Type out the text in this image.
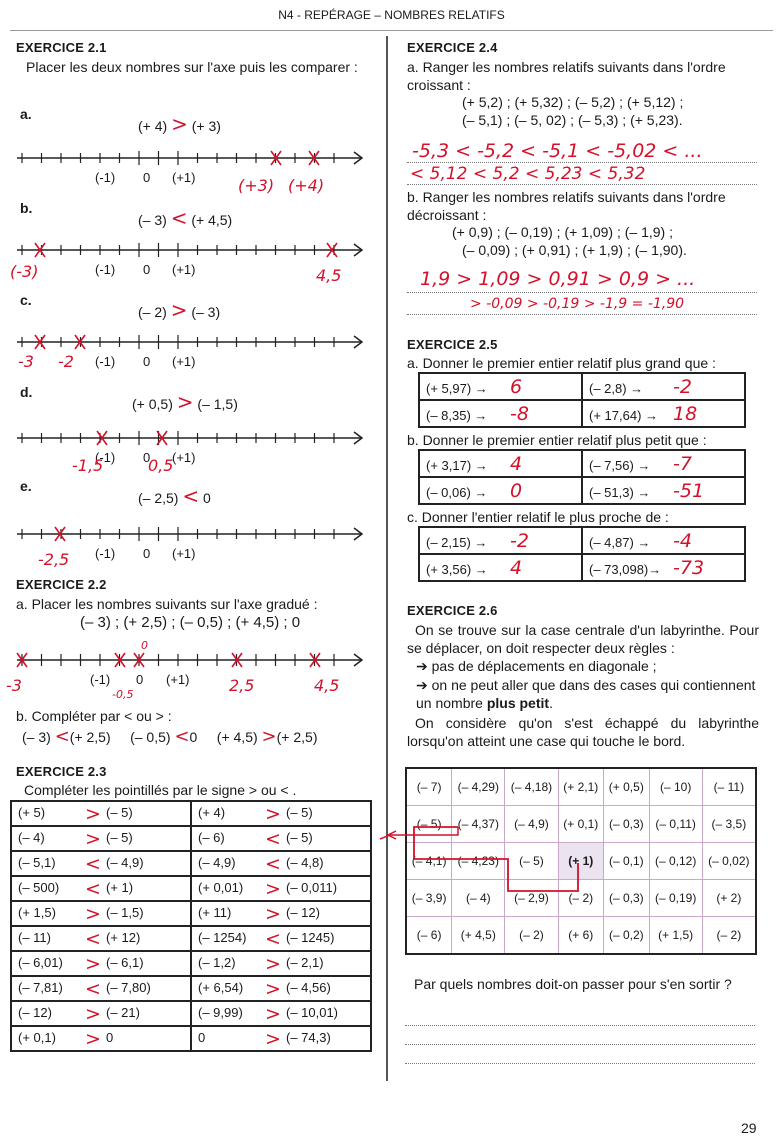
N4 - REPÉRAGE – NOMBRES RELATIFS
EXERCICE 2.1
Placer les deux nombres sur l'axe puis les comparer :
a.
(+ 4) > (+ 3)
(-1) 0 (+1)	(+3) (+4)
b.
(– 3) < (+ 4,5)
(-1) 0 (+1)
(-3)	4,5
c.
(– 2) > (– 3)
(-1) 0 (+1)
-3 -2
d.
(+ 0,5) > (– 1,5)
(-1) 0 (+1)
-1,5	0,5
e.
(– 2,5) < 0
(-1) 0 (+1)
-2,5
EXERCICE 2.2
a. Placer les nombres suivants sur l'axe gradué :
(– 3) ; (+ 2,5) ; (– 0,5) ; (+ 4,5) ; 0
(-1) 0 (+1)
-3	-0,5
0
2,5	4,5
b. Compléter par < ou > :
(– 3) <(+ 2,5) (– 0,5) <0 (+ 4,5) >(+ 2,5)
EXERCICE 2.3
Compléter les pointillés par le signe > ou < .
(+ 5) > (– 5)	(+ 4) > (– 5)

(– 4) > (– 5)	(– 6) < (– 5)

(– 5,1) < (– 4,9)	(– 4,9) < (– 4,8)

(– 500) < (+ 1)	(+ 0,01) > (– 0,011)

(+ 1,5) > (– 1,5)	(+ 11) > (– 12)

(– 11) < (+ 12)	(– 1254) < (– 1245)

(– 6,01) > (– 6,1)	(– 1,2) > (– 2,1)

(– 7,81) < (– 7,80)	(+ 6,54) > (– 4,56)

(– 12) > (– 21)	(– 9,99) > (– 10,01)

(+ 0,1) > 0	0 > (– 74,3)
EXERCICE 2.4
a. Ranger les nombres relatifs suivants dans l'ordre croissant :
(+ 5,2) ; (+ 5,32) ; (– 5,2) ; (+ 5,12) ;
(– 5,1) ; (– 5, 02) ; (– 5,3) ; (+ 5,23).
-5,3 < -5,2 < -5,1 < -5,02 < ...
< 5,12 < 5,2 < 5,23 < 5,32
b. Ranger les nombres relatifs suivants dans l'ordre décroissant :
(+ 0,9) ; (– 0,19) ; (+ 1,09) ; (– 1,9) ;
(– 0,09) ; (+ 0,91) ; (+ 1,9) ; (– 1,90).
1,9 > 1,09 > 0,91 > 0,9 > ...
> -0,09 > -0,19 > -1,9 = -1,90
EXERCICE 2.5
a. Donner le premier entier relatif plus grand que :
(+ 5,97) → 6	(– 2,8) → -2
(– 8,35) → -8	(+ 17,64) → 18
b. Donner le premier entier relatif plus petit que :
(+ 3,17) → 4	(– 7,56) → -7
(– 0,06) → 0	(– 51,3) → -51
c. Donner l'entier relatif le plus proche de :
(– 2,15) → -2	(– 4,87) → -4
(+ 3,56) → 4	(– 73,098)→ -73
EXERCICE 2.6
On se trouve sur la case centrale d'un labyrinthe. Pour se déplacer, on doit respecter deux règles :
➔ pas de déplacements en diagonale ;
➔ on ne peut aller que dans des cases qui contiennent un nombre plus petit.
On considère qu'on s'est échappé du labyrinthe lorsqu'on atteint une case qui touche le bord.
(– 7)	(– 4,29)	(– 4,18)	(+ 2,1)	(+ 0,5)	(– 10)	(– 11)
(– 5)	(– 4,37)	(– 4,9)	(+ 0,1)	(– 0,3)	(– 0,11)	(– 3,5)
(– 4,1)	(– 4,23)	(– 5)	(+ 1)	(– 0,1)	(– 0,12)	(– 0,02)
(– 3,9)	(– 4)	(– 2,9)	(– 2)	(– 0,3)	(– 0,19)	(+ 2)
(– 6)	(+ 4,5)	(– 2)	(+ 6)	(– 0,2)	(+ 1,5)	(– 2)
Par quels nombres doit-on passer pour s'en sortir ?
29
